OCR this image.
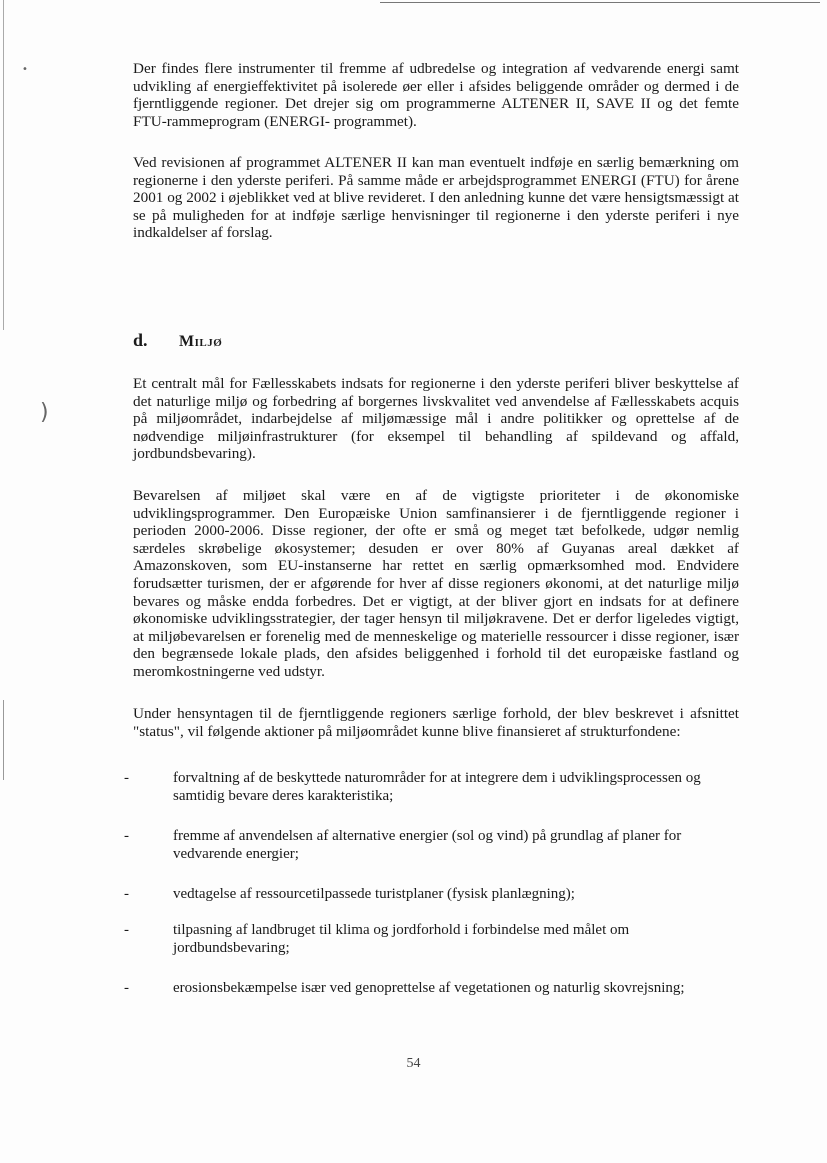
•
)

Der findes flere instrumenter til fremme af udbredelse og integration af vedvarende energi samt udvikling af energieffektivitet på isolerede øer eller i afsides beliggende områder og dermed i de fjerntliggende regioner. Det drejer sig om programmerne ALTENER II, SAVE II og det femte FTU-rammeprogram (ENERGI- programmet).

Ved revisionen af programmet ALTENER II kan man eventuelt indføje en særlig bemærkning om regionerne i den yderste periferi. På samme måde er arbejdsprogrammet ENERGI (FTU) for årene 2001 og 2002 i øjeblikket ved at blive revideret. I den anledning kunne det være hensigtsmæssigt at se på muligheden for at indføje særlige henvisninger til regionerne i den yderste periferi i nye indkaldelser af forslag.

d. Miljø

Et centralt mål for Fællesskabets indsats for regionerne i den yderste periferi bliver beskyttelse af det naturlige miljø og forbedring af borgernes livskvalitet ved anvendelse af Fællesskabets acquis på miljøområdet, indarbejdelse af miljømæssige mål i andre politikker og oprettelse af de nødvendige miljøinfrastrukturer (for eksempel til behandling af spildevand og affald, jordbundsbevaring).

Bevarelsen af miljøet skal være en af de vigtigste prioriteter i de økonomiske udviklingsprogrammer. Den Europæiske Union samfinansierer i de fjerntliggende regioner i perioden 2000-2006. Disse regioner, der ofte er små og meget tæt befolkede, udgør nemlig særdeles skrøbelige økosystemer; desuden er over 80% af Guyanas areal dækket af Amazonskoven, som EU-instanserne har rettet en særlig opmærksomhed mod. Endvidere forudsætter turismen, der er afgørende for hver af disse regioners økonomi, at det naturlige miljø bevares og måske endda forbedres. Det er vigtigt, at der bliver gjort en indsats for at definere økonomiske udviklingsstrategier, der tager hensyn til miljøkravene. Det er derfor ligeledes vigtigt, at miljøbevarelsen er forenelig med de menneskelige og materielle ressourcer i disse regioner, især den begrænsede lokale plads, den afsides beliggenhed i forhold til det europæiske fastland og meromkostningerne ved udstyr.

Under hensyntagen til de fjerntliggende regioners særlige forhold, der blev beskrevet i afsnittet "status", vil følgende aktioner på miljøområdet kunne blive finansieret af strukturfondene:

-	forvaltning af de beskyttede naturområder for at integrere dem i udviklingsprocessen og samtidig bevare deres karakteristika;
-	fremme af anvendelsen af alternative energier (sol og vind) på grundlag af planer for vedvarende energier;
-	vedtagelse af ressourcetilpassede turistplaner (fysisk planlægning);
-	tilpasning af landbruget til klima og jordforhold i forbindelse med målet om jordbundsbevaring;
-	erosionsbekæmpelse især ved genoprettelse af vegetationen og naturlig skovrejsning;
54
